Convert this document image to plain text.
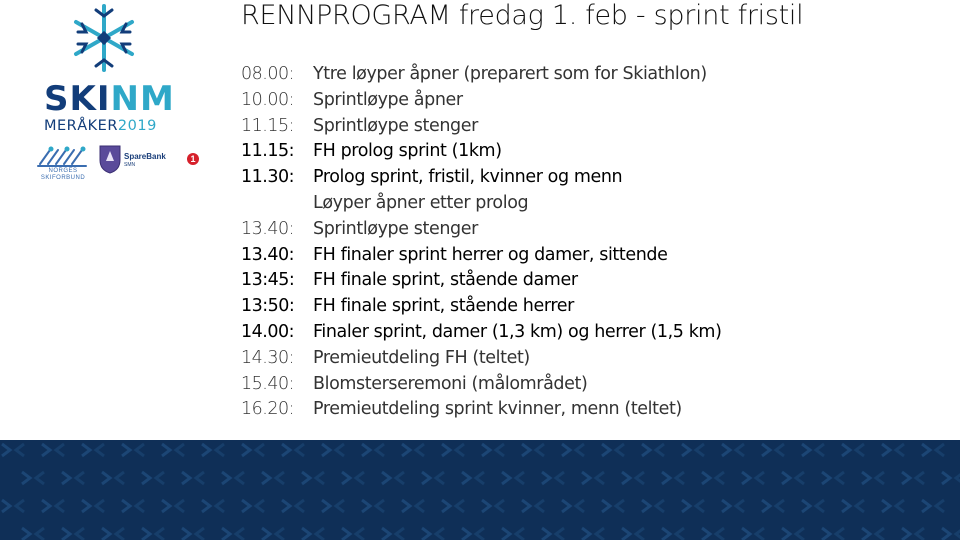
SKINM
MERÅKER2019
NORGES SKIFORBUND
SpareBank
SMN
1
RENNPROGRAM fredag 1. feb - sprint fristil
08.00:	Ytre løyper åpner (preparert som for Skiathlon)
10.00:	Sprintløype åpner
11.15:	Sprintløype stenger
11.15:	FH prolog sprint (1km)
11.30:	Prolog sprint, fristil, kvinner og menn
Løyper åpner etter prolog
13.40:	Sprintløype stenger
13.40:	FH finaler sprint herrer og damer, sittende
13:45:	FH finale sprint, stående damer
13:50:	FH finale sprint, stående herrer
14.00:	Finaler sprint, damer (1,3 km) og herrer (1,5 km)
14.30:	Premieutdeling FH (teltet)
15.40:	Blomsterseremoni (målområdet)
16.20:	Premieutdeling sprint kvinner, menn (teltet)
